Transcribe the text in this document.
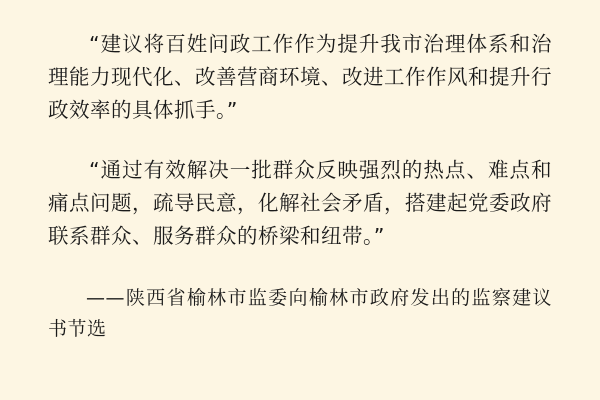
“建议将百姓问政工作作为提升我市治理体系和治理能力现代化、改善营商环境、改进工作作风和提升行政效率的具体抓手。”

“通过有效解决一批群众反映强烈的热点、难点和痛点问题，疏导民意，化解社会矛盾，搭建起党委政府联系群众、服务群众的桥梁和纽带。”

——陕西省榆林市监委向榆林市政府发出的监察建议书节选
